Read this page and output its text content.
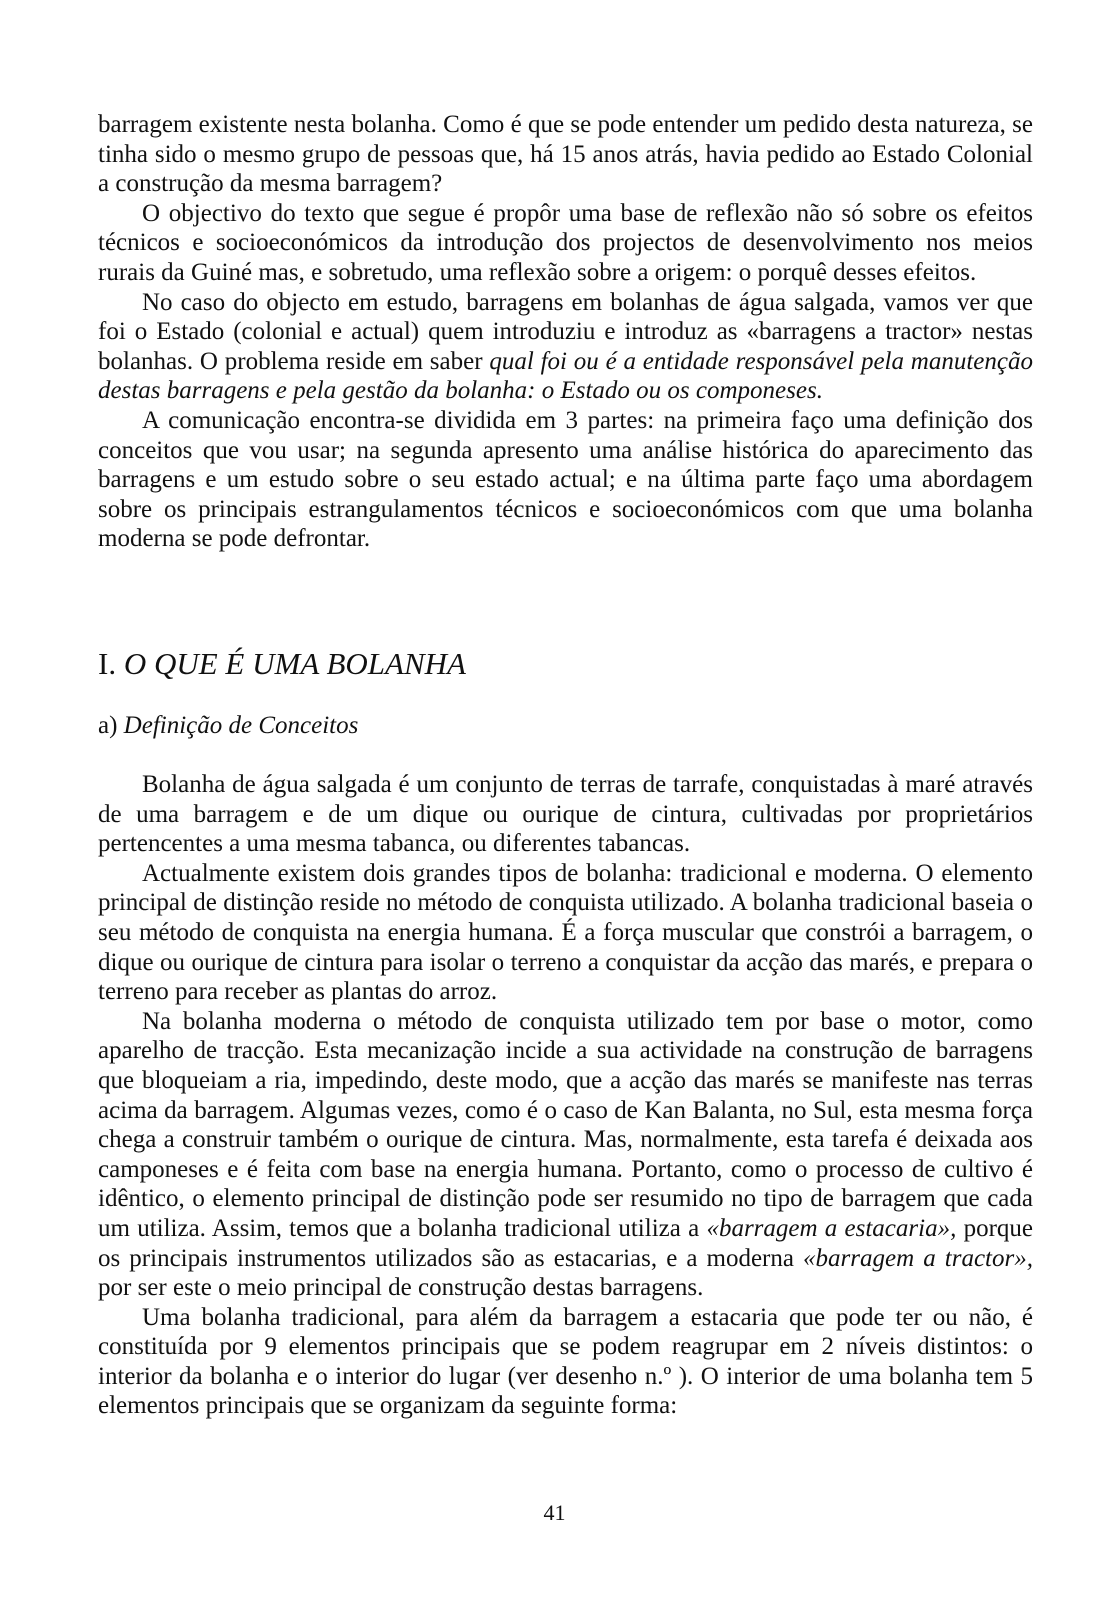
barragem existente nesta bolanha. Como é que se pode entender um pedido desta natureza, se tinha sido o mesmo grupo de pessoas que, há 15 anos atrás, havia pedido ao Estado Colonial a construção da mesma barragem?

O objectivo do texto que segue é propôr uma base de reflexão não só sobre os efeitos técnicos e socioeconómicos da introdução dos projectos de desenvolvimento nos meios rurais da Guiné mas, e sobretudo, uma reflexão sobre a origem: o porquê desses efeitos.

No caso do objecto em estudo, barragens em bolanhas de água salgada, vamos ver que foi o Estado (colonial e actual) quem introduziu e introduz as «barragens a tractor» nestas bolanhas. O problema reside em saber qual foi ou é a entidade responsável pela manutenção destas barragens e pela gestão da bolanha: o Estado ou os componeses.

A comunicação encontra-se dividida em 3 partes: na primeira faço uma definição dos conceitos que vou usar; na segunda apresento uma análise histórica do aparecimento das barragens e um estudo sobre o seu estado actual; e na última parte faço uma abordagem sobre os principais estrangulamentos técnicos e socioeconómicos com que uma bolanha moderna se pode defrontar.

I. O QUE É UMA BOLANHA
a) Definição de Conceitos

Bolanha de água salgada é um conjunto de terras de tarrafe, conquistadas à maré através de uma barragem e de um dique ou ourique de cintura, cultivadas por proprietários pertencentes a uma mesma tabanca, ou diferentes tabancas.

Actualmente existem dois grandes tipos de bolanha: tradicional e moderna. O elemento principal de distinção reside no método de conquista utilizado. A bolanha tradicional baseia o seu método de conquista na energia humana. É a força muscular que constrói a barragem, o dique ou ourique de cintura para isolar o terreno a conquistar da acção das marés, e prepara o terreno para receber as plantas do arroz.

Na bolanha moderna o método de conquista utilizado tem por base o motor, como aparelho de tracção. Esta mecanização incide a sua actividade na construção de barragens que bloqueiam a ria, impedindo, deste modo, que a acção das marés se manifeste nas terras acima da barragem. Algumas vezes, como é o caso de Kan Balanta, no Sul, esta mesma força chega a construir também o ourique de cintura. Mas, normalmente, esta tarefa é deixada aos camponeses e é feita com base na energia humana. Portanto, como o processo de cultivo é idêntico, o elemento principal de distinção pode ser resumido no tipo de barragem que cada um utiliza. Assim, temos que a bolanha tradicional utiliza a «barragem a estacaria», porque os principais instrumentos utilizados são as estacarias, e a moderna «barragem a tractor», por ser este o meio principal de construção destas barragens.

Uma bolanha tradicional, para além da barragem a estacaria que pode ter ou não, é constituída por 9 elementos principais que se podem reagrupar em 2 níveis distintos: o interior da bolanha e o interior do lugar (ver desenho n.º ). O interior de uma bolanha tem 5 elementos principais que se organizam da seguinte forma:

41
